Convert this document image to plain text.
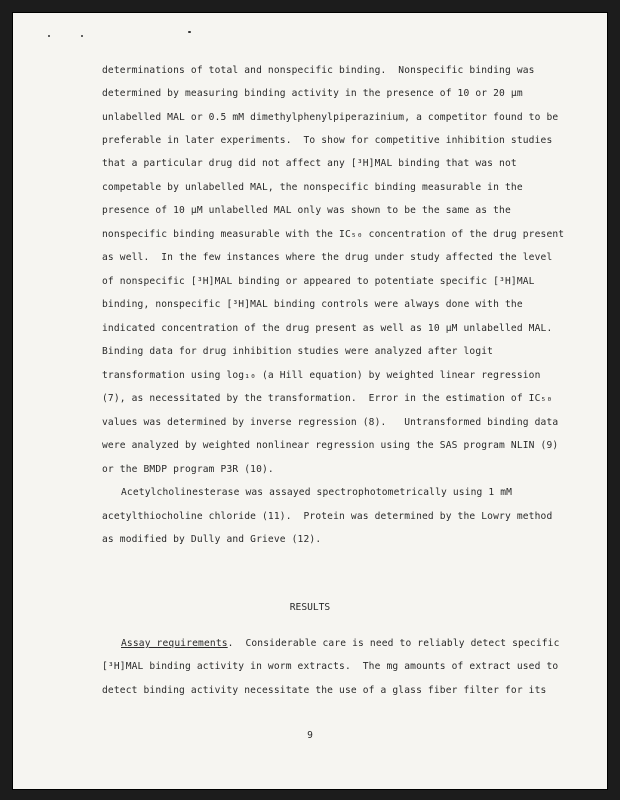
determinations of total and nonspecific binding.  Nonspecific binding was
determined by measuring binding activity in the presence of 10 or 20 µm
unlabelled MAL or 0.5 mM dimethylphenylpiperazinium, a competitor found to be
preferable in later experiments.  To show for competitive inhibition studies
that a particular drug did not affect any [³H]MAL binding that was not
competable by unlabelled MAL, the nonspecific binding measurable in the
presence of 10 µM unlabelled MAL only was shown to be the same as the
nonspecific binding measurable with the IC₅₀ concentration of the drug present
as well.  In the few instances where the drug under study affected the level
of nonspecific [³H]MAL binding or appeared to potentiate specific [³H]MAL
binding, nonspecific [³H]MAL binding controls were always done with the
indicated concentration of the drug present as well as 10 µM unlabelled MAL.
Binding data for drug inhibition studies were analyzed after logit
transformation using log₁₀ (a Hill equation) by weighted linear regression
(7), as necessitated by the transformation.  Error in the estimation of IC₅₀
values was determined by inverse regression (8).   Untransformed binding data
were analyzed by weighted nonlinear regression using the SAS program NLIN (9)
or the BMDP program P3R (10).
Acetylcholinesterase was assayed spectrophotometrically using 1 mM
acetylthiocholine chloride (11).  Protein was determined by the Lowry method
as modified by Dully and Grieve (12).
RESULTS
Assay requirements.  Considerable care is need to reliably detect specific
[³H]MAL binding activity in worm extracts.  The mg amounts of extract used to
detect binding activity necessitate the use of a glass fiber filter for its
9
